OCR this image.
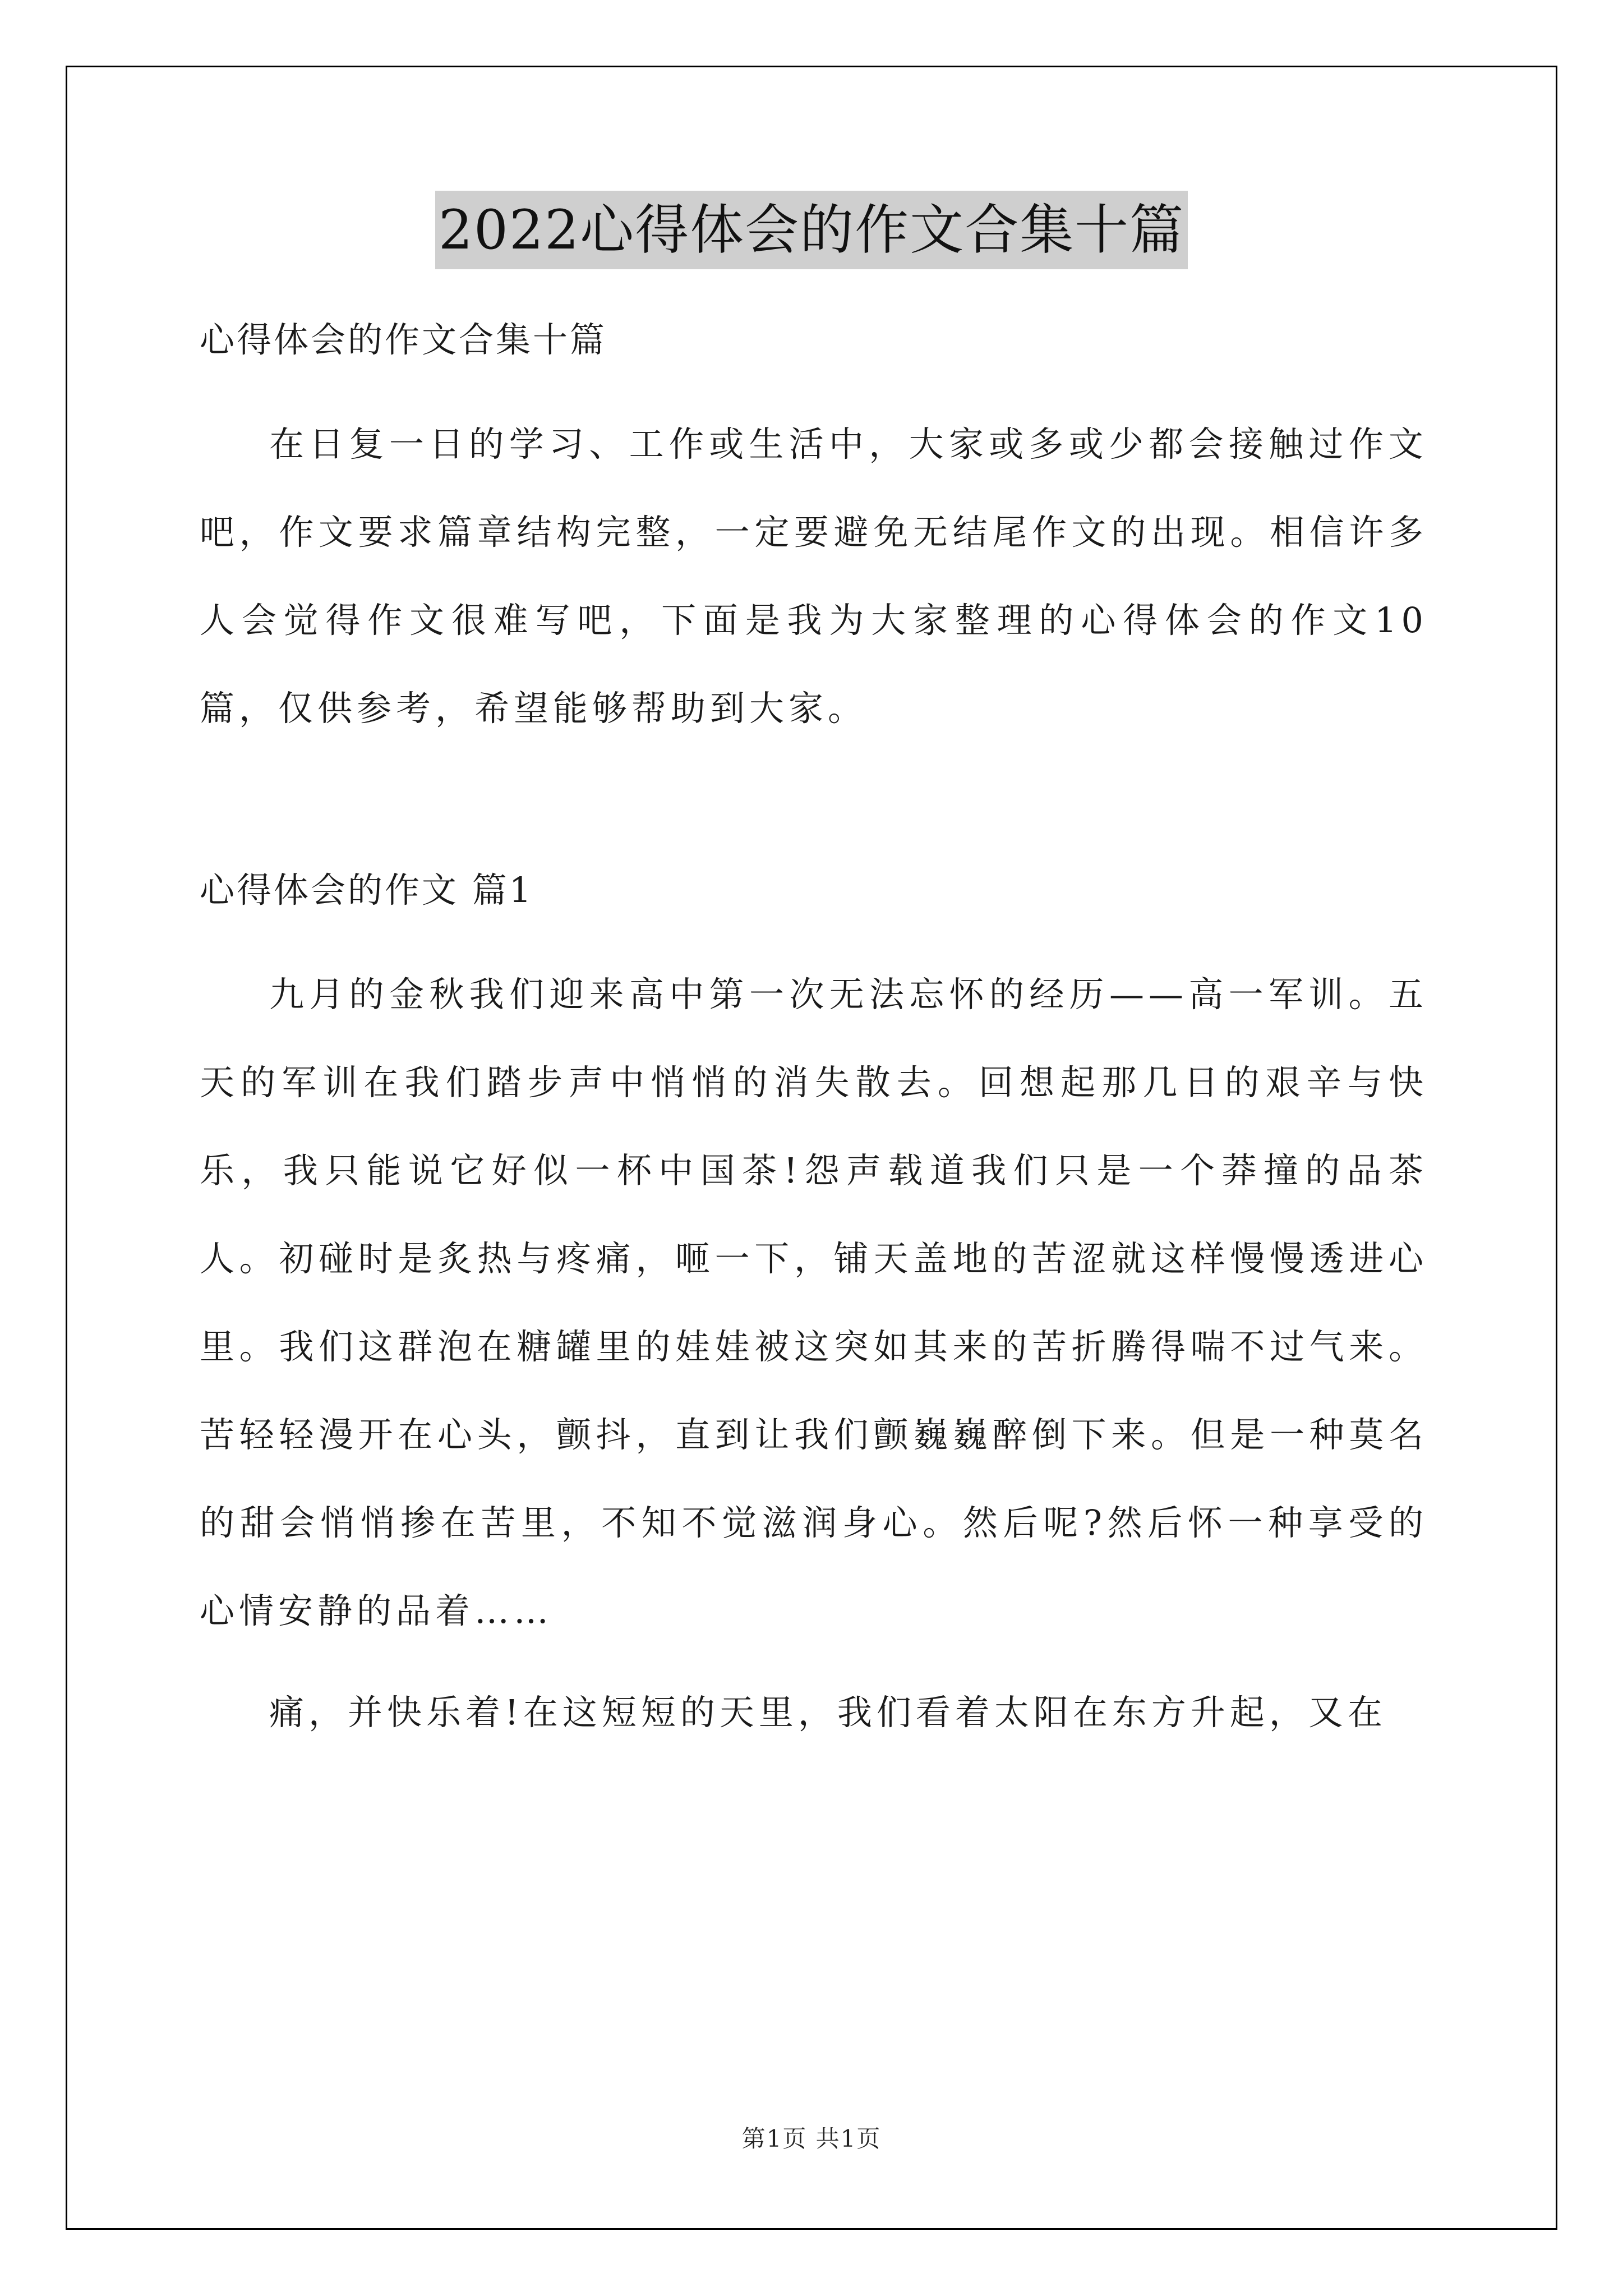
2022心得体会的作文合集十篇

心得体会的作文合集十篇

在日复一日的学习、工作或生活中，大家或多或少都会接触过作文吧，作文要求篇章结构完整，一定要避免无结尾作文的出现。相信许多人会觉得作文很难写吧，下面是我为大家整理的心得体会的作文10篇，仅供参考，希望能够帮助到大家。

心得体会的作文 篇1

九月的金秋我们迎来高中第一次无法忘怀的经历——高一军训。五天的军训在我们踏步声中悄悄的消失散去。回想起那几日的艰辛与快乐，我只能说它好似一杯中国茶!怨声载道我们只是一个莽撞的品茶人。初碰时是炙热与疼痛，咂一下，铺天盖地的苦涩就这样慢慢透进心里。我们这群泡在糖罐里的娃娃被这突如其来的苦折腾得喘不过气来。苦轻轻漫开在心头，颤抖，直到让我们颤巍巍醉倒下来。但是一种莫名的甜会悄悄掺在苦里，不知不觉滋润身心。然后呢?然后怀一种享受的心情安静的品着……

痛，并快乐着!在这短短的天里，我们看着太阳在东方升起，又在

第1页 共1页
